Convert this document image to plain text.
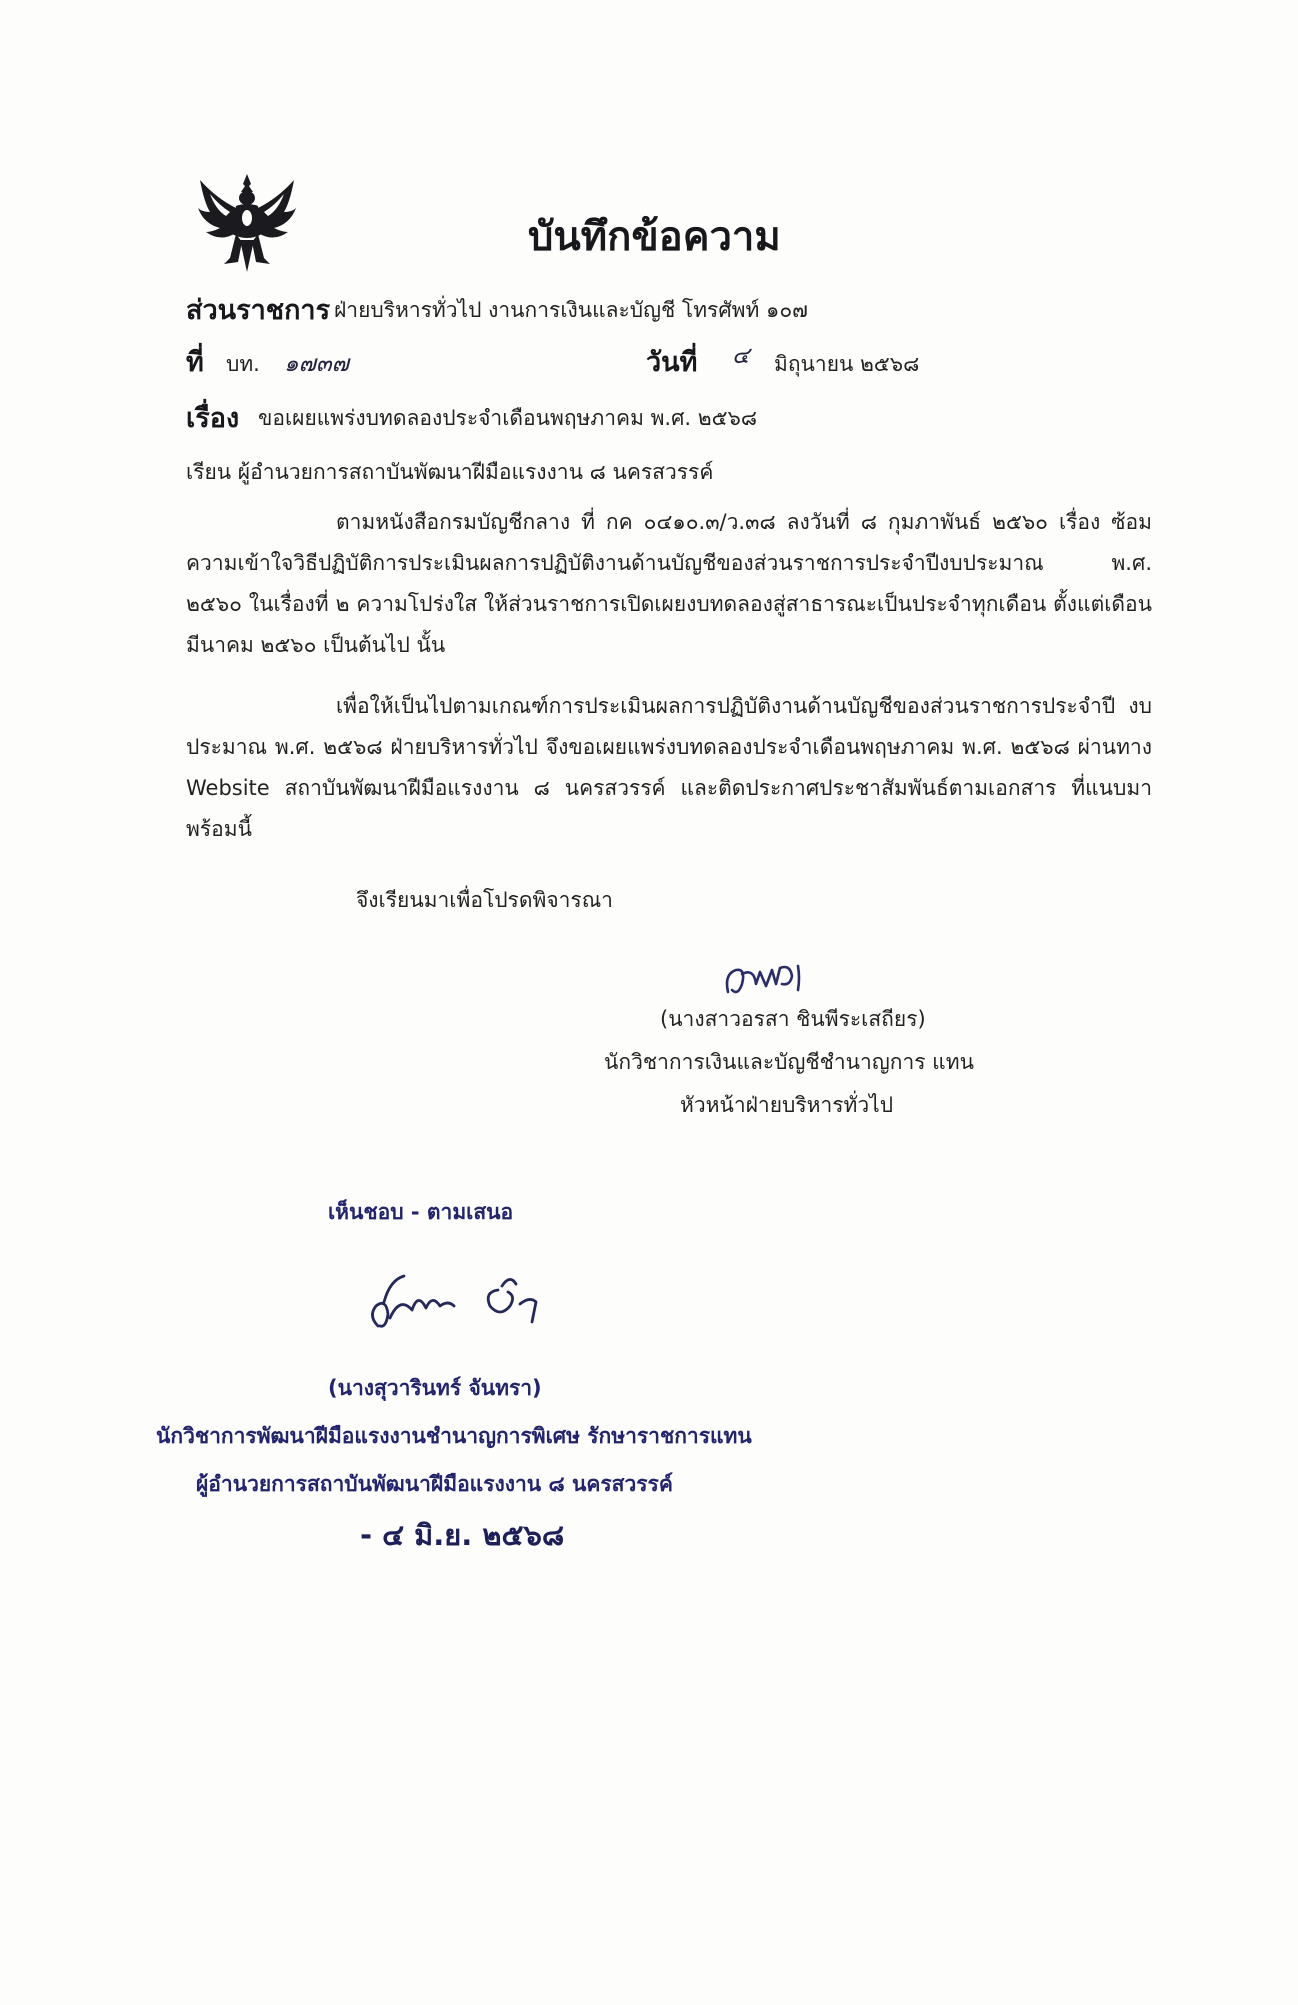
บันทึกข้อความ
ส่วนราชการ ฝ่ายบริหารทั่วไป งานการเงินและบัญชี โทรศัพท์ ๑๐๗
ที่ บท. ๑๗๓๗	วันที่ ๔ มิถุนายน ๒๕๖๘
เรื่อง ขอเผยแพร่งบทดลองประจำเดือนพฤษภาคม พ.ศ. ๒๕๖๘
เรียน ผู้อำนวยการสถาบันพัฒนาฝีมือแรงงาน ๘ นครสวรรค์
ตามหนังสือกรมบัญชีกลาง ที่ กค ๐๔๑๐.๓/ว.๓๘ ลงวันที่ ๘ กุมภาพันธ์ ๒๕๖๐ เรื่อง ซ้อมความเข้าใจวิธีปฏิบัติการประเมินผลการปฏิบัติงานด้านบัญชีของส่วนราชการประจำปีงบประมาณ พ.ศ. ๒๕๖๐ ในเรื่องที่ ๒ ความโปร่งใส ให้ส่วนราชการเปิดเผยงบทดลองสู่สาธารณะเป็นประจำทุกเดือน ตั้งแต่เดือนมีนาคม ๒๕๖๐ เป็นต้นไป นั้น
เพื่อให้เป็นไปตามเกณฑ์การประเมินผลการปฏิบัติงานด้านบัญชีของส่วนราชการประจำปี งบประมาณ พ.ศ. ๒๕๖๘ ฝ่ายบริหารทั่วไป จึงขอเผยแพร่งบทดลองประจำเดือนพฤษภาคม พ.ศ. ๒๕๖๘ ผ่านทาง Website สถาบันพัฒนาฝีมือแรงงาน ๘ นครสวรรค์ และติดประกาศประชาสัมพันธ์ตามเอกสาร ที่แนบมาพร้อมนี้
จึงเรียนมาเพื่อโปรดพิจารณา
(นางสาวอรสา ชินพีระเสถียร)
นักวิชาการเงินและบัญชีชำนาญการ แทน
หัวหน้าฝ่ายบริหารทั่วไป
เห็นชอบ - ตามเสนอ
(นางสุวารินทร์ จันทรา)
นักวิชาการพัฒนาฝีมือแรงงานชำนาญการพิเศษ รักษาราชการแทน
ผู้อำนวยการสถาบันพัฒนาฝีมือแรงงาน ๘ นครสวรรค์
- ๔ มิ.ย. ๒๕๖๘
